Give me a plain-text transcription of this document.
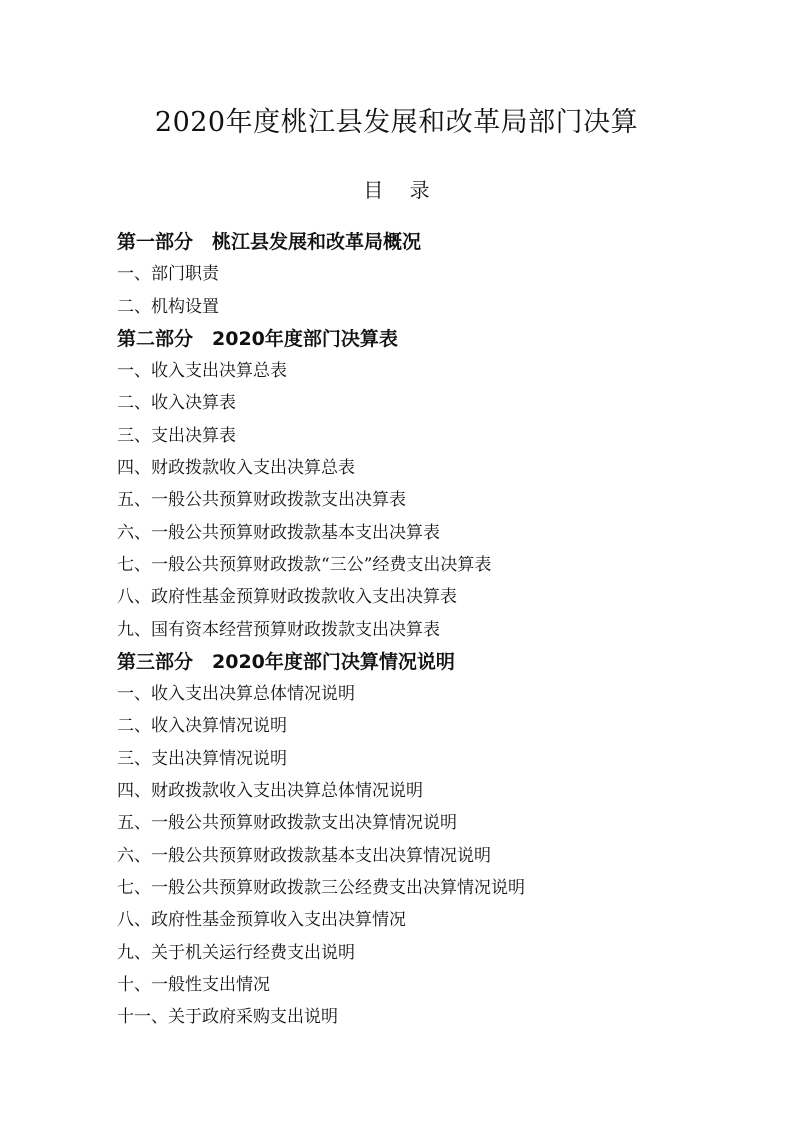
2020年度桃江县发展和改革局部门决算
目 录
第一部分　桃江县发展和改革局概况
一、部门职责
二、机构设置
第二部分　2020年度部门决算表
一、收入支出决算总表
二、收入决算表
三、支出决算表
四、财政拨款收入支出决算总表
五、一般公共预算财政拨款支出决算表
六、一般公共预算财政拨款基本支出决算表
七、一般公共预算财政拨款“三公”经费支出决算表
八、政府性基金预算财政拨款收入支出决算表
九、国有资本经营预算财政拨款支出决算表
第三部分　2020年度部门决算情况说明
一、收入支出决算总体情况说明
二、收入决算情况说明
三、支出决算情况说明
四、财政拨款收入支出决算总体情况说明
五、一般公共预算财政拨款支出决算情况说明
六、一般公共预算财政拨款基本支出决算情况说明
七、一般公共预算财政拨款三公经费支出决算情况说明
八、政府性基金预算收入支出决算情况
九、关于机关运行经费支出说明
十、一般性支出情况
十一、关于政府采购支出说明
